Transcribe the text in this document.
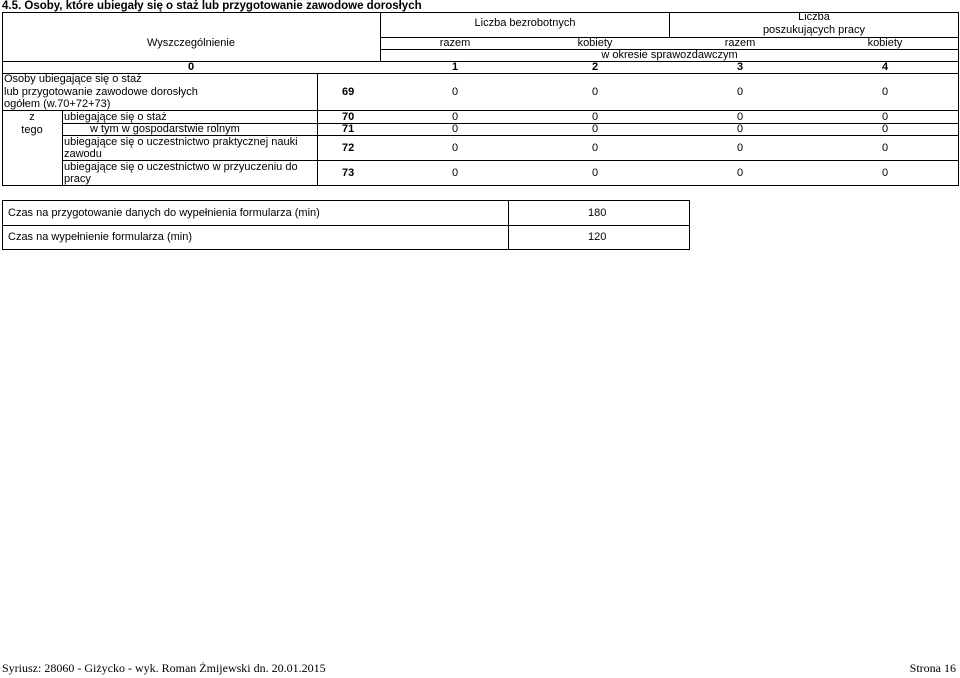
4.5. Osoby, które ubiegały się o staż lub przygotowanie zawodowe dorosłych
Liczba bezrobotnych	Liczba
poszukujących pracy
Wyszczególnienie	razem	kobiety	razem	kobiety
w okresie sprawozdawczym
0	1	2	3	4
Osoby ubiegające się o staż
lub przygotowanie zawodowe dorosłych
ogółem (w.70+72+73)
69	0	0	0	0
z
tego
ubiegające się o staż	70	0	0	0	0
w tym w gospodarstwie rolnym	71	0	0	0	0
ubiegające się o uczestnictwo praktycznej nauki
zawodu	72	0	0	0	0
ubiegające się o uczestnictwo w przyuczeniu do
pracy	73	0	0	0	0
Czas na przygotowanie danych do wypełnienia formularza (min)	180
Czas na wypełnienie formularza (min)	120
Syriusz: 28060 - Giżycko - wyk. Roman Żmijewski dn. 20.01.2015	Strona 16
